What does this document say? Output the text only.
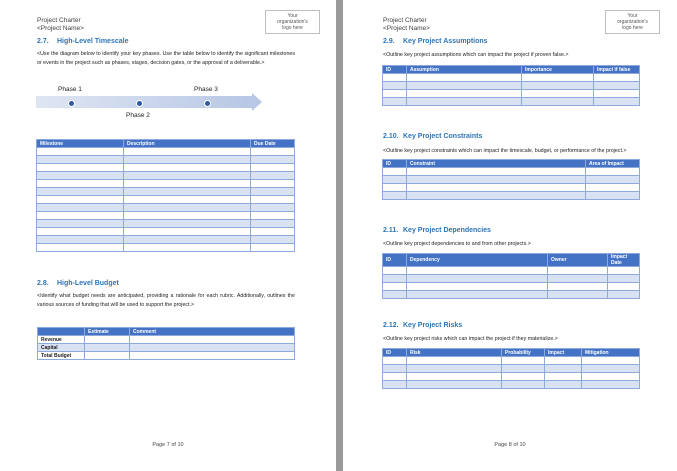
Project Charter
<Project Name>
Your
organization's
logo here
2.7. High-Level Timescale
<Use the diagram below to identify your key phases. Use the table below to identify the significant milestones or events in the project such as phases, stages, decision gates, or the approval of a deliverable.>
Phase 1
Phase 2
Phase 3
Milestone	Description	Due Date

2.8. High-Level Budget
<Identify what budget needs are anticipated, providing a rationale for each rubric. Additionally, outlines the various sources of funding that will be used to support the project.>
	Estimate	Comment
Revenue		
Capital		
Total Budget		
Page 7 of 10
Project Charter
<Project Name>
Your
organization's
logo here
2.9. Key Project Assumptions
<Outline key project assumptions which can impact the project if proven false.>
ID	Assumption	Importance	Impact if false

2.10. Key Project Constraints
<Outline key project constraints which can impact the timescale, budget, or performance of the project.>
ID	Constraint	Area of Impact

2.11. Key Project Dependencies
<Outline key project dependencies to and from other projects.>
ID	Dependency	Owner	Impact Date

2.12. Key Project Risks
<Outline key project risks which can impact the project if they materialize.>
ID	Risk	Probability	Impact	Mitigation

Page 8 of 10
